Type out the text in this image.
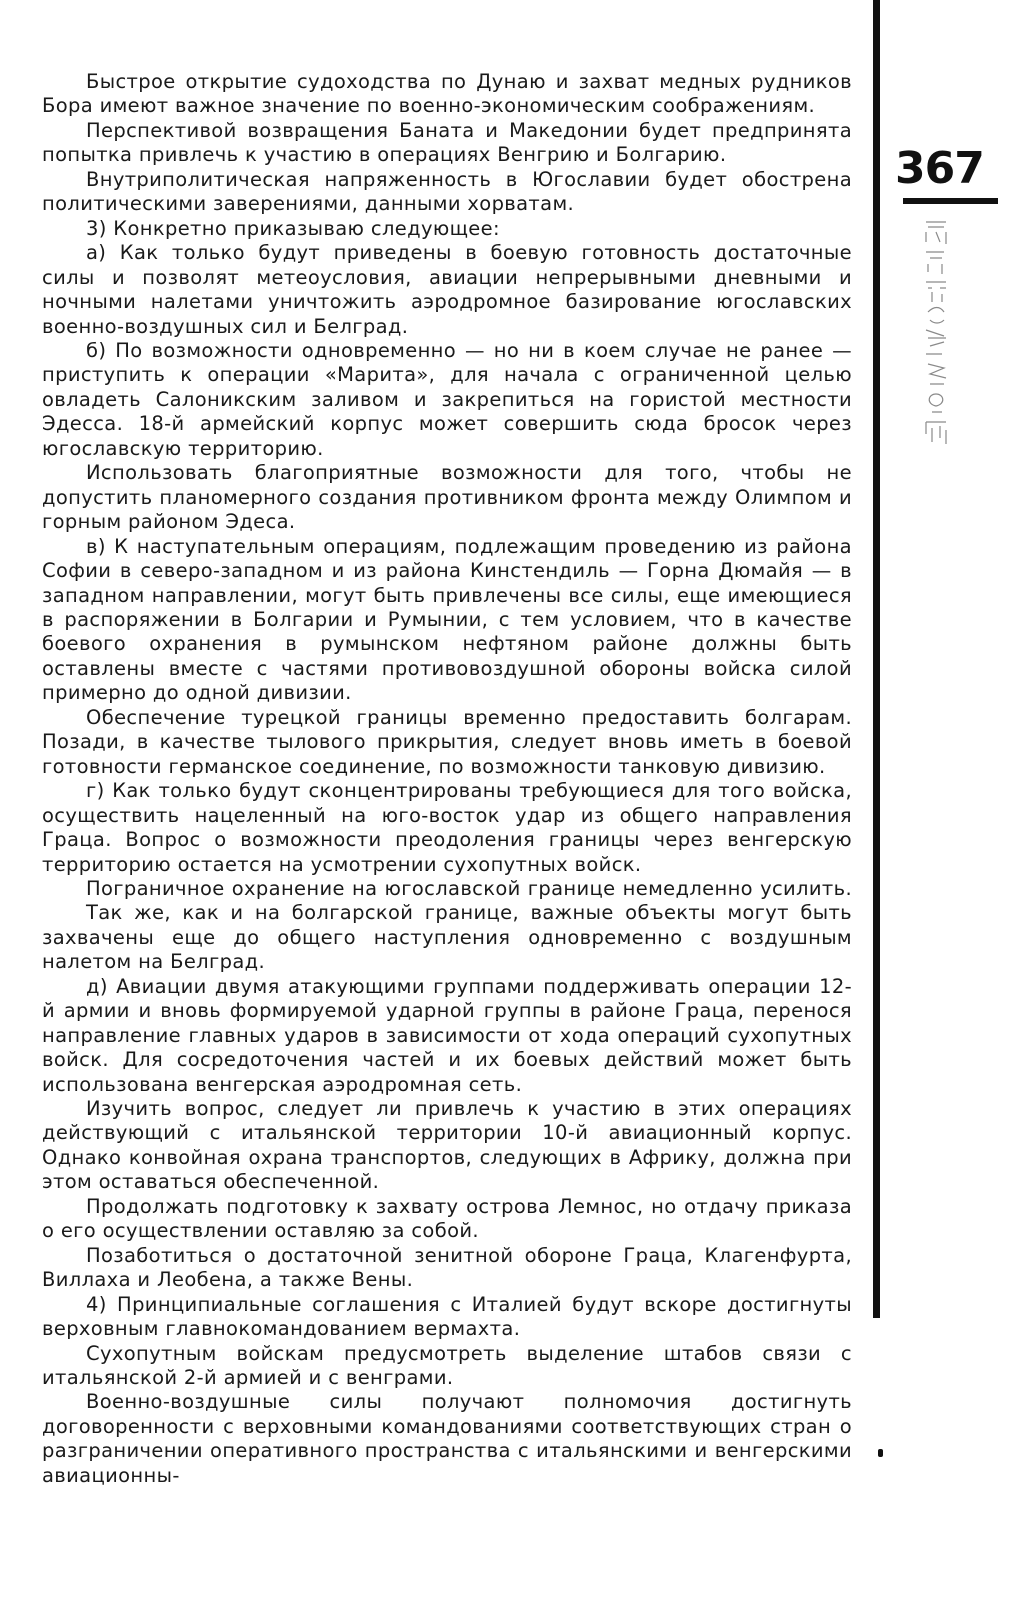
Быстрое открытие судоходства по Дунаю и захват медных рудников Бора имеют важное значение по военно-экономическим соображениям.

Перспективой возвращения Баната и Македонии будет предпринята попытка привлечь к участию в операциях Венгрию и Болгарию.

Внутриполитическая напряженность в Югославии будет обострена политическими заверениями, данными хорватам.

3) Конкретно приказываю следующее:

а) Как только будут приведены в боевую готовность достаточные силы и позволят метеоусловия, авиации непрерывными дневными и ночными налетами уничтожить аэродромное базирование югославских военно-воздушных сил и Белград.

б) По возможности одновременно — но ни в коем случае не ранее — приступить к операции «Марита», для начала с ограниченной целью овладеть Салоникским заливом и закрепиться на гористой местности Эдесса. 18-й армейский корпус может совершить сюда бросок через югославскую территорию.

Использовать благоприятные возможности для того, чтобы не допустить планомерного создания противником фронта между Олимпом и горным районом Эдеса.

в) К наступательным операциям, подлежащим проведению из района Софии в северо-западном и из района Кинстендиль — Горна Дюмайя — в западном направлении, могут быть привлечены все силы, еще имеющиеся в распоряжении в Болгарии и Румынии, с тем условием, что в качестве боевого охранения в румынском нефтяном районе должны быть оставлены вместе с частями противовоздушной обороны войска силой примерно до одной дивизии.

Обеспечение турецкой границы временно предоставить болгарам. Позади, в качестве тылового прикрытия, следует вновь иметь в боевой готовности германское соединение, по возможности танковую дивизию.

г) Как только будут сконцентрированы требующиеся для того войска, осуществить нацеленный на юго-восток удар из общего направления Граца. Вопрос о возможности преодоления границы через венгерскую территорию остается на усмотрении сухопутных войск.

Пограничное охранение на югославской границе немедленно усилить.

Так же, как и на болгарской границе, важные объекты могут быть захвачены еще до общего наступления одновременно с воздушным налетом на Белград.

д) Авиации двумя атакующими группами поддерживать операции 12-й армии и вновь формируемой ударной группы в районе Граца, перенося направление главных ударов в зависимости от хода операций сухопутных войск. Для сосредоточения частей и их боевых действий может быть использована венгерская аэродромная сеть.

Изучить вопрос, следует ли привлечь к участию в этих операциях действующий с итальянской территории 10-й авиационный корпус. Однако конвойная охрана транспортов, следующих в Африку, должна при этом оставаться обеспеченной.

Продолжать подготовку к захвату острова Лемнос, но отдачу приказа о его осуществлении оставляю за собой.

Позаботиться о достаточной зенитной обороне Граца, Клагенфурта, Виллаха и Леобена, а также Вены.

4) Принципиальные соглашения с Италией будут вскоре достигнуты верховным главнокомандованием вермахта.

Сухопутным войскам предусмотреть выделение штабов связи с итальянской 2-й армией и с венграми.

Военно-воздушные силы получают полномочия достигнуть договоренности с верховными командованиями соответствующих стран о разграничении оперативного пространства с итальянскими и венгерскими авиационны-

367
